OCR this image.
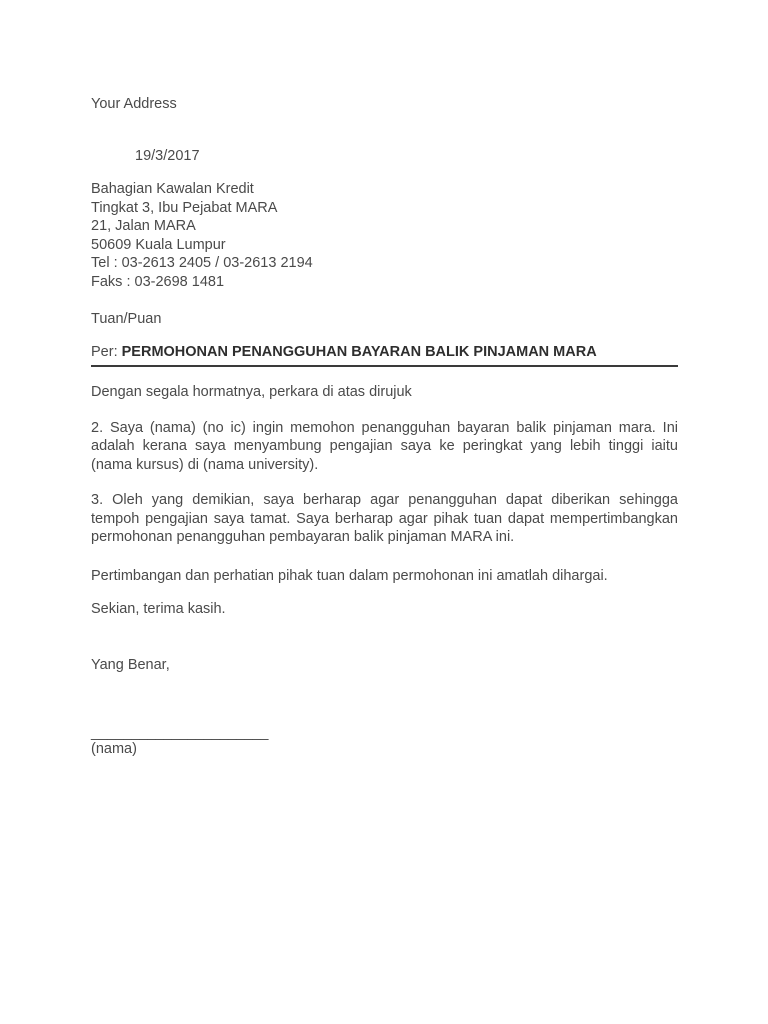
Your Address

19/3/2017

Bahagian Kawalan Kredit

Tingkat 3, Ibu Pejabat MARA

21, Jalan MARA

50609 Kuala Lumpur

Tel : 03-2613 2405 / 03-2613 2194

Faks : 03-2698 1481

Tuan/Puan

Per: PERMOHONAN PENANGGUHAN BAYARAN BALIK PINJAMAN MARA

Dengan segala hormatnya, perkara di atas dirujuk

2. Saya (nama) (no ic) ingin memohon penangguhan bayaran balik pinjaman mara. Ini adalah kerana saya menyambung pengajian saya ke peringkat yang lebih tinggi iaitu (nama kursus) di (nama university).

3. Oleh yang demikian, saya berharap agar penangguhan dapat diberikan sehingga tempoh pengajian saya tamat. Saya berharap agar pihak tuan dapat mempertimbangkan permohonan penangguhan pembayaran balik pinjaman MARA ini.

Pertimbangan dan perhatian pihak tuan dalam permohonan ini amatlah dihargai.

Sekian, terima kasih.

Yang Benar,

______________________

(nama)
